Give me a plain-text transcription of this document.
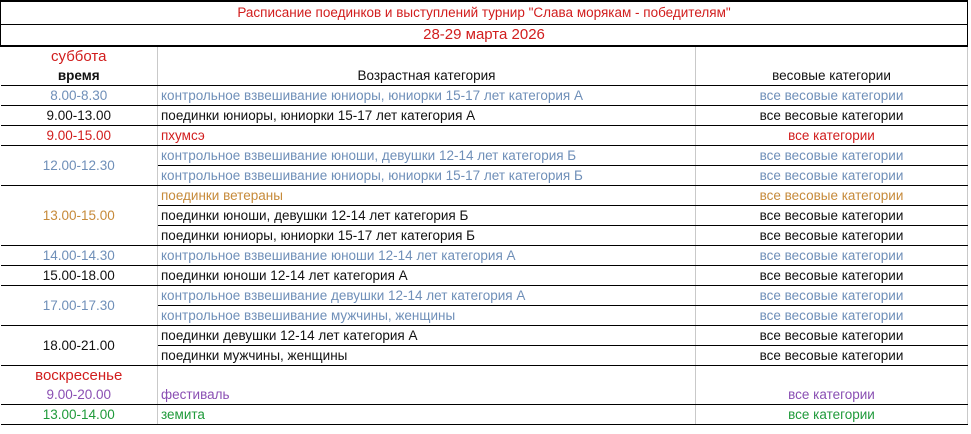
Расписание поединков и выступлений турнир "Слава морякам - победителям"		
28-29 марта 2026		
суббота		
время	Возрастная категория	весовые категории
8.00-8.30	контрольное взвешивание юниоры, юниорки 15-17 лет категория А	все весовые категории
9.00-13.00	поединки юниоры, юниорки 15-17 лет категория А	все весовые категории
9.00-15.00	пхумсэ	все категории
12.00-12.30	контрольное взвешивание юноши, девушки 12-14 лет категория Б	все весовые категории
	контрольное взвешивание юниоры, юниорки 15-17 лет категория Б	все весовые категории
13.00-15.00	поединки ветераны	все весовые категории
	поединки юноши, девушки 12-14 лет категория Б	все весовые категории
	поединки юниоры, юниорки 15-17 лет категория Б	все весовые категории
14.00-14.30	контрольное взвешивание юноши 12-14 лет категория А	все весовые категории
15.00-18.00	поединки юноши 12-14 лет категория А	все весовые категории
17.00-17.30	контрольное взвешивание девушки 12-14 лет категория А	все весовые категории
	контрольное взвешивание мужчины, женщины	все весовые категории
18.00-21.00	поединки девушки 12-14 лет категория А	все весовые категории
	поединки мужчины, женщины	все весовые категории
воскресенье		
9.00-20.00	фестиваль	все категории
13.00-14.00	земита	все категории
